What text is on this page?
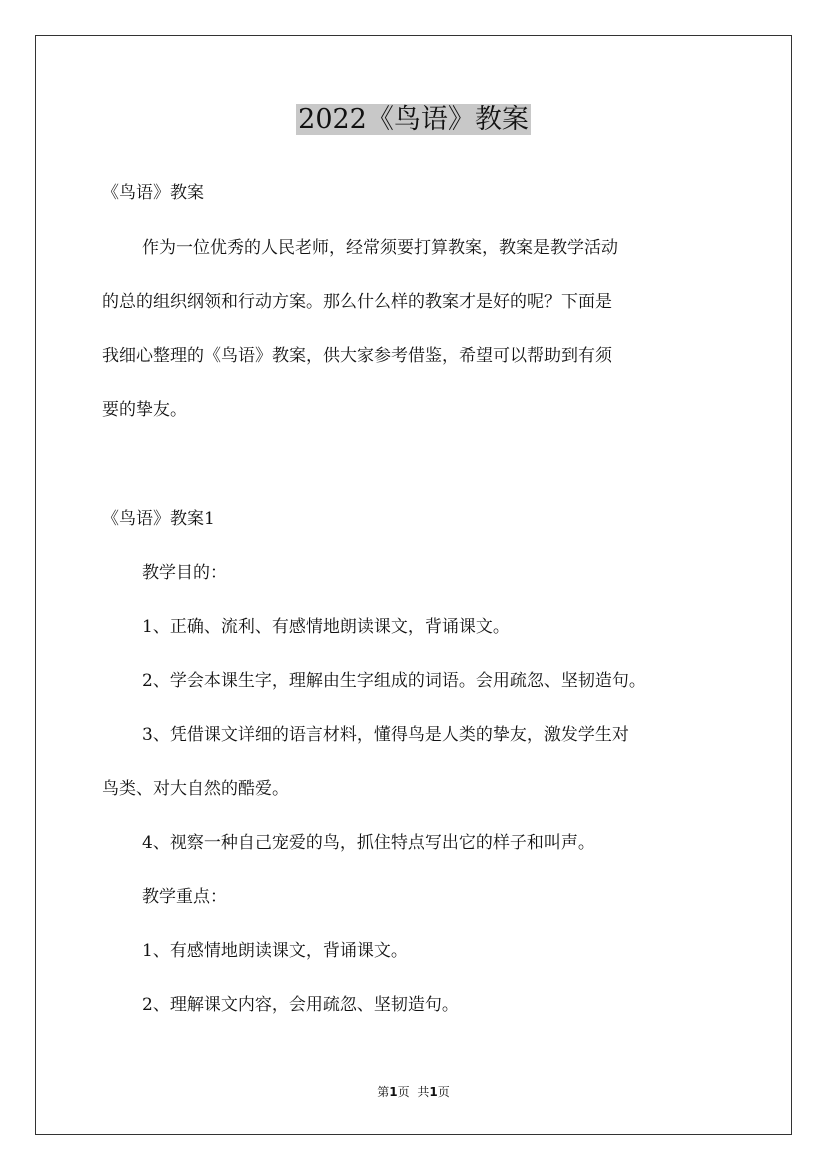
2022《鸟语》教案
《鸟语》教案
作为一位优秀的人民老师，经常须要打算教案，教案是教学活动
的总的组织纲领和行动方案。那么什么样的教案才是好的呢？下面是
我细心整理的《鸟语》教案，供大家参考借鉴，希望可以帮助到有须
要的挚友。
《鸟语》教案1
教学目的：
1、正确、流利、有感情地朗读课文，背诵课文。
2、学会本课生字，理解由生字组成的词语。会用疏忽、坚韧造句。
3、凭借课文详细的语言材料，懂得鸟是人类的挚友，激发学生对
鸟类、对大自然的酷爱。
4、视察一种自己宠爱的鸟，抓住特点写出它的样子和叫声。
教学重点：
1、有感情地朗读课文，背诵课文。
2、理解课文内容，会用疏忽、坚韧造句。
第1页 共1页
